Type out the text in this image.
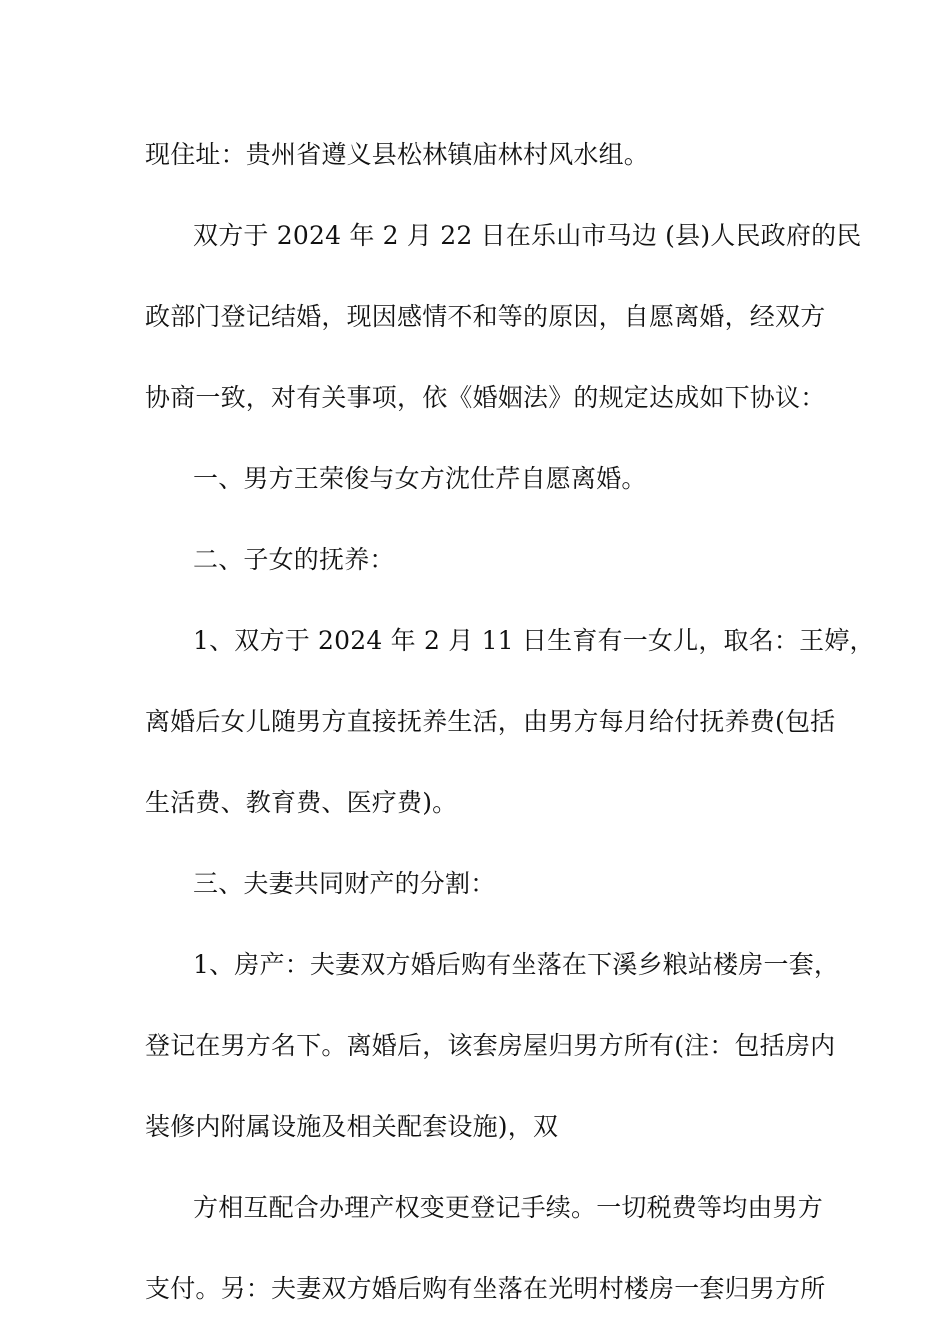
现住址：贵州省遵义县松林镇庙林村风水组。

双方于 2024 年 2 月 22 日在乐山市马边 (县)人民政府的民

政部门登记结婚，现因感情不和等的原因，自愿离婚，经双方

协商一致，对有关事项，依《婚姻法》的规定达成如下协议：

一、男方王荣俊与女方沈仕芹自愿离婚。

二、子女的抚养：

1、双方于 2024 年 2 月 11 日生育有一女儿，取名：王婷，

离婚后女儿随男方直接抚养生活，由男方每月给付抚养费(包括

生活费、教育费、医疗费)。

三、夫妻共同财产的分割：

1、房产：夫妻双方婚后购有坐落在下溪乡粮站楼房一套，

登记在男方名下。离婚后，该套房屋归男方所有(注：包括房内

装修内附属设施及相关配套设施)，双

方相互配合办理产权变更登记手续。一切税费等均由男方

支付。另：夫妻双方婚后购有坐落在光明村楼房一套归男方所
